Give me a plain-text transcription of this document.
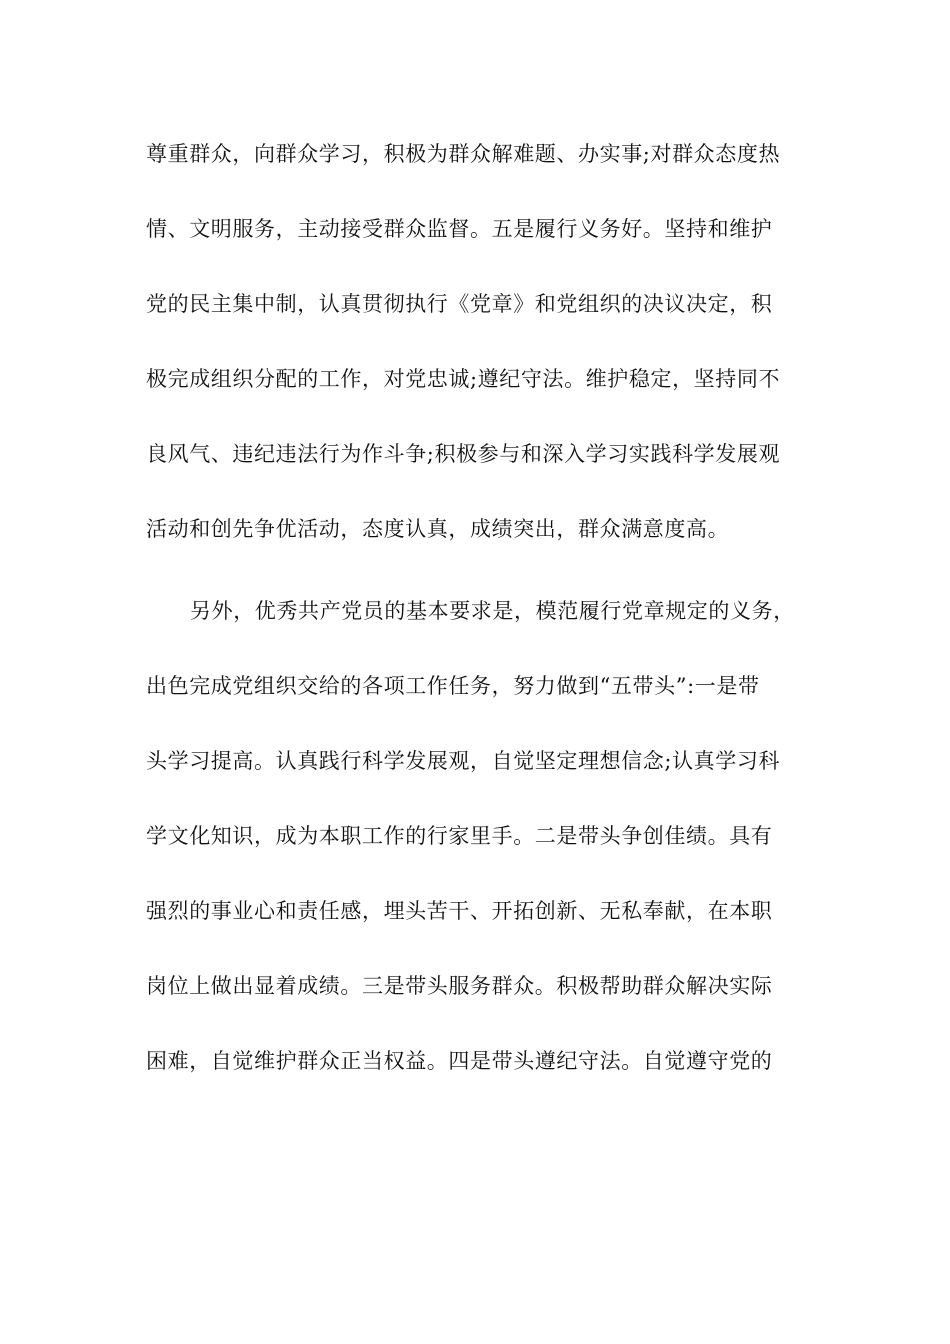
尊重群众，向群众学习，积极为群众解难题、办实事;对群众态度热
情、文明服务，主动接受群众监督。五是履行义务好。坚持和维护
党的民主集中制，认真贯彻执行《党章》和党组织的决议决定，积
极完成组织分配的工作，对党忠诚;遵纪守法。维护稳定，坚持同不
良风气、违纪违法行为作斗争;积极参与和深入学习实践科学发展观
活动和创先争优活动，态度认真，成绩突出，群众满意度高。
另外，优秀共产党员的基本要求是，模范履行党章规定的义务，
出色完成党组织交给的各项工作任务，努力做到“五带头”:一是带
头学习提高。认真践行科学发展观，自觉坚定理想信念;认真学习科
学文化知识，成为本职工作的行家里手。二是带头争创佳绩。具有
强烈的事业心和责任感，埋头苦干、开拓创新、无私奉献，在本职
岗位上做出显着成绩。三是带头服务群众。积极帮助群众解决实际
困难，自觉维护群众正当权益。四是带头遵纪守法。自觉遵守党的
